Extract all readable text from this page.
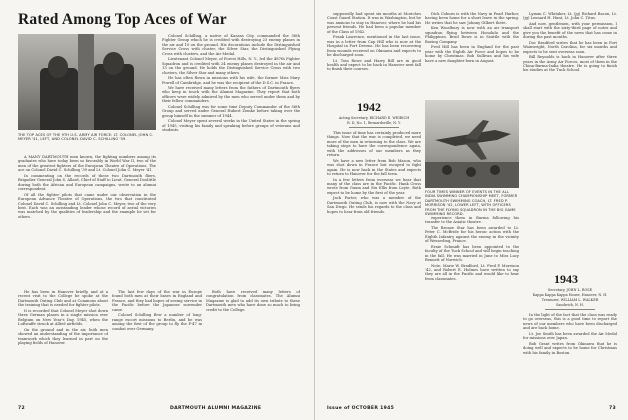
Rated Among Top Aces of War
THE TOP ACES OF THE 9TH U.S. ARMY AIR FORCE: LT. COLONEL JOHN C. MEYER '41, LEFT, AND COLONEL DAVID C. SCHILLING '39.
A MANY DARTMOUTH men known, the fighting numbers among its graduates who have today been so favorably in World War II, two of the men of the greatest fighters of the European Theatre of Operations. The ace on Colonel David C. Schilling '39 and Lt. Colonel John C. Meyer '41.
In commenting on the records of these two Dartmouth fliers, Brigadier General John S. Allard, Chief of Staff to Lieut. General Doolittle during both the African and European campaigns, wrote to an alumni correspondent.
Of all the fighter pilots that came under our observation in the European Advance Theatre of Operations, the two that constituted Colonel David C. Schilling and Lt. Colonel John C. Meyer, two of the very best. Each was an outstanding leader whose record of aerial victories was matched by the qualities of leadership and the example he set for others.
Colonel Schilling, a native of Kansas City, commanded the 56th Fighter Group which he is credited with destroying 23 enemy planes in the air and 10 on the ground. His decorations include the Distinguished Service Cross with cluster, the Silver Star, the Distinguished Flying Cross with clusters, and the Air Medal.
Lieutenant Colonel Meyer, of Forest Hills, N. Y., led the 487th Fighter Squadron and is credited with 24 enemy planes destroyed in the air and 13 on the ground. He holds the Distinguished Service Cross with two clusters, the Silver Star and many others.
He has often flown in missions with his wife, the former Miss Mary Powell of Cambridge, and he was the recipient of the D.S.C. in France.
We have received many letters from the fathers of Dartmouth flyers who keep in touch with the Alumni Magazine. They report that both officers were widely admired by the men who served under them and by their fellow commanders.
Colonel Schilling was for some time Deputy Commander of the 56th Group and served under General Hubert Zemke before taking over the group himself in the summer of 1944.
Colonel Meyer spent several weeks in the United States in the spring of 1945, visiting his family and speaking before groups of veterans and students.
He has been in Hanover briefly, and at a recent visit to the College he spoke at the Dartmouth Outing Club and at Commons about the training that is needed for fighter pilots.
It is recorded that Colonel Meyer shot down three German planes in a single mission over Belgium on New Year's Day, 1945, when the Luftwaffe struck at Allied airfields.
On the ground and in the air, both men showed an understanding of the importance of teamwork which they learned in part on the playing fields of Hanover.
The last few days of the war in Europe found both men at their bases in England and France, and they had hopes of seeing service in the Pacific before the Japanese surrender came.
Colonel Schilling flew a number of long-range escort missions to Berlin, and he was among the first of the group to fly the P-47 in combat over Germany.
Both have received many letters of congratulation from classmates. The Alumni Magazine is glad to add its own tribute to these Dartmouth men who have done so much to bring credit to the College.
72	DARTMOUTH ALUMNI MAGAZINE
supposedly had spent six months at Moriches Coast Guard Station. It was in Washington, but he was anxious to stay in Hanover, where he had his present friends. He had been a popular member of the Class of 1942.
Frank Lawrence, mentioned in the last issue, was in a letter from Cap Hill who is now at the Hospital in Fort Devens. He has been recovering from wounds received on Okinawa and expects to be discharged soon.
Lt. Tom Rowe and Harry Bill are in good health and expect to be back in Hanover next fall to finish their courses.
Dick Coburn is with the Navy in Pearl Harbor, having been home for a short leave in the spring. He writes that he saw Johnny Gilbert there.
Ken Woodbury is now with an air transport squadron flying between Honolulu and the Philippines. Brud Rowe is in Seattle with the Boeing Company.
Fred Hill has been in England for the past year with the Eighth Air Force and hopes to be home by Christmas. Bob Sullivan and his wife have a new daughter born in August.
1942
Acting Secretary, RICHARD E. WEIRICH
R. D. No. 1, Bernardsville, N. Y.
This issue of time has certainly produced more things. Now that the war is completed, we need more of the men in returning to the class. We are taking steps to have the correspondence again, with the addresses of our members as they return.
We have a new letter from Bob Mason, who was shot down in France but escaped to fight again. He is now back in the States and expects to return to Hanover for the fall term.
In a few letters from overseas we hear that many of the class are in the Pacific. Hank Cross wrote from Guam and Stu Ellis from Leyte. Both expect to be home by the first of the year.
Jack Porter, who was a member of the Dartmouth Outing Club, is now with the Navy at San Diego. He sends his regards to the class and hopes to hear from old friends.
FOUR TIMES WINNER OF EVENTS IN THE ALL INDIA SWIMMING CHAMPIONSHIP MEET, FORMER DARTMOUTH SWIMMING COACH, LT. FRED P. MORRISON '42, LOWER LEFT, WITH OFFICERS FROM THE FLYING SQUADRON IN THE BIG GAME SWIMMING RECORD.
experience them in Burma following his transfer to the Asiatic theatre.
The Bronze Star has been awarded to Lt. Peter C. McBride for his heroic action with the Eighth Infantry against the enemy in the vicinity of Wesserling, France.
Ernie Schmidt has been appointed to the faculty of the Tuck School and will begin teaching in the fall. He was married in June to Miss Lucy Bennett of Norwich.
Note: Marie W. Bradford, Lt. Fred P. Morrison '42, and Robert E. Holmes have written to say they are all in the Pacific and would like to hear from classmates.
Lyman C. Whitaker, Lt. (jg) Richard Bacon, Lt. (jg) Leonard H. Hunt, Lt. John C. Titus.
And now, gentlemen, with your permission, I shall start with the sixty-third page of notes and give you the benefit of the news that has come in during the past months.
Doc Bradford writes that he has been in Fort Wainwright, North Carolina, for six months and expects to be sent overseas soon.
Bill Reynolds is back in Hanover after three years in the Army Air Forces, most of them in the China-Burma-India theatre. He is going to finish his studies at the Tuck School.
1943
Secretary, JOHN L. ROSE
Kappa Kappa Kappa House, Hanover, N. H.
Treasurer, WILLIAM L. WALKER
Sandwich, N. H.
In the light of the fact that the class was ready to go overseas, this is a good time to report the news of our members who have been discharged and are back home.
Lt. Joe Smith has been awarded the Air Medal for missions over Japan.
Bob Grant writes from Okinawa that he is doing well and expects to be home for Christmas with his family in Boston.
Issue of OCTOBER 1945	73
